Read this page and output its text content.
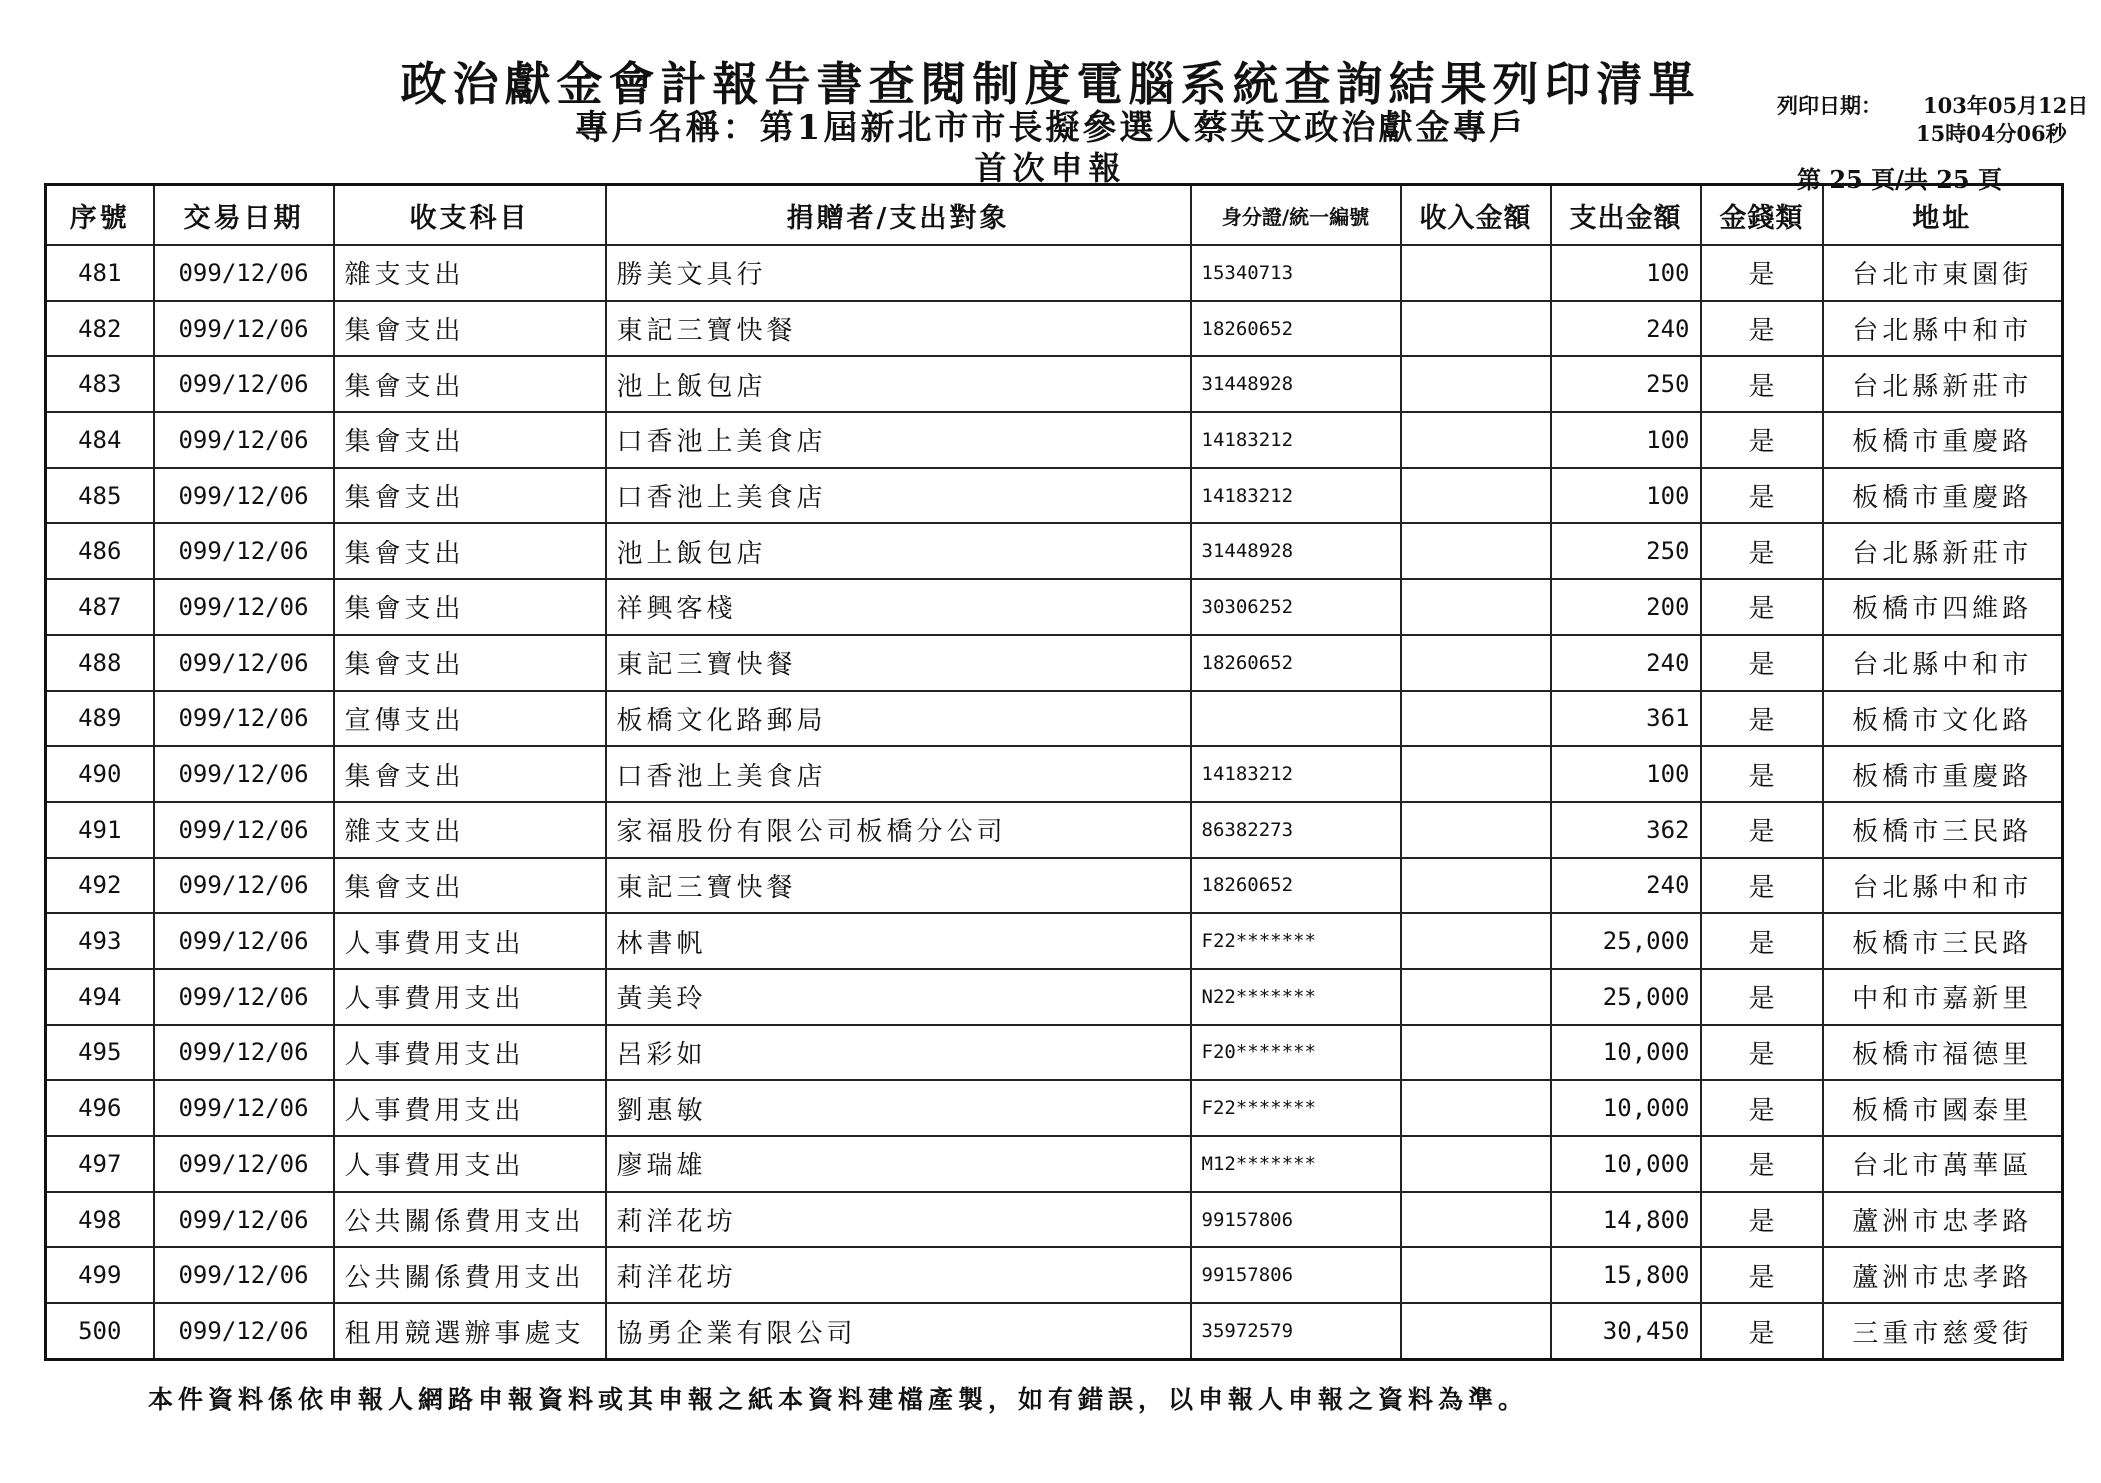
政治獻金會計報告書查閱制度電腦系統查詢結果列印清單
專戶名稱：第1屆新北市市長擬參選人蔡英文政治獻金專戶
首次申報
列印日期： 103年05月12日
15時04分06秒
第 25 頁/共 25 頁
序號	交易日期	收支科目	捐贈者/支出對象	身分證/統一編號	收入金額	支出金額	金錢類	地址
481	099/12/06	雜支支出	勝美文具行	15340713		100	是	台北市東園街
482	099/12/06	集會支出	東記三寶快餐	18260652		240	是	台北縣中和市
483	099/12/06	集會支出	池上飯包店	31448928		250	是	台北縣新莊市
484	099/12/06	集會支出	口香池上美食店	14183212		100	是	板橋市重慶路
485	099/12/06	集會支出	口香池上美食店	14183212		100	是	板橋市重慶路
486	099/12/06	集會支出	池上飯包店	31448928		250	是	台北縣新莊市
487	099/12/06	集會支出	祥興客棧	30306252		200	是	板橋市四維路
488	099/12/06	集會支出	東記三寶快餐	18260652		240	是	台北縣中和市
489	099/12/06	宣傳支出	板橋文化路郵局			361	是	板橋市文化路
490	099/12/06	集會支出	口香池上美食店	14183212		100	是	板橋市重慶路
491	099/12/06	雜支支出	家福股份有限公司板橋分公司	86382273		362	是	板橋市三民路
492	099/12/06	集會支出	東記三寶快餐	18260652		240	是	台北縣中和市
493	099/12/06	人事費用支出	林書帆	F22*******		25,000	是	板橋市三民路
494	099/12/06	人事費用支出	黃美玲	N22*******		25,000	是	中和市嘉新里
495	099/12/06	人事費用支出	呂彩如	F20*******		10,000	是	板橋市福德里
496	099/12/06	人事費用支出	劉惠敏	F22*******		10,000	是	板橋市國泰里
497	099/12/06	人事費用支出	廖瑞雄	M12*******		10,000	是	台北市萬華區
498	099/12/06	公共關係費用支出	莉洋花坊	99157806		14,800	是	蘆洲市忠孝路
499	099/12/06	公共關係費用支出	莉洋花坊	99157806		15,800	是	蘆洲市忠孝路
500	099/12/06	租用競選辦事處支	協勇企業有限公司	35972579		30,450	是	三重市慈愛街
本件資料係依申報人網路申報資料或其申報之紙本資料建檔產製，如有錯誤，以申報人申報之資料為準。
